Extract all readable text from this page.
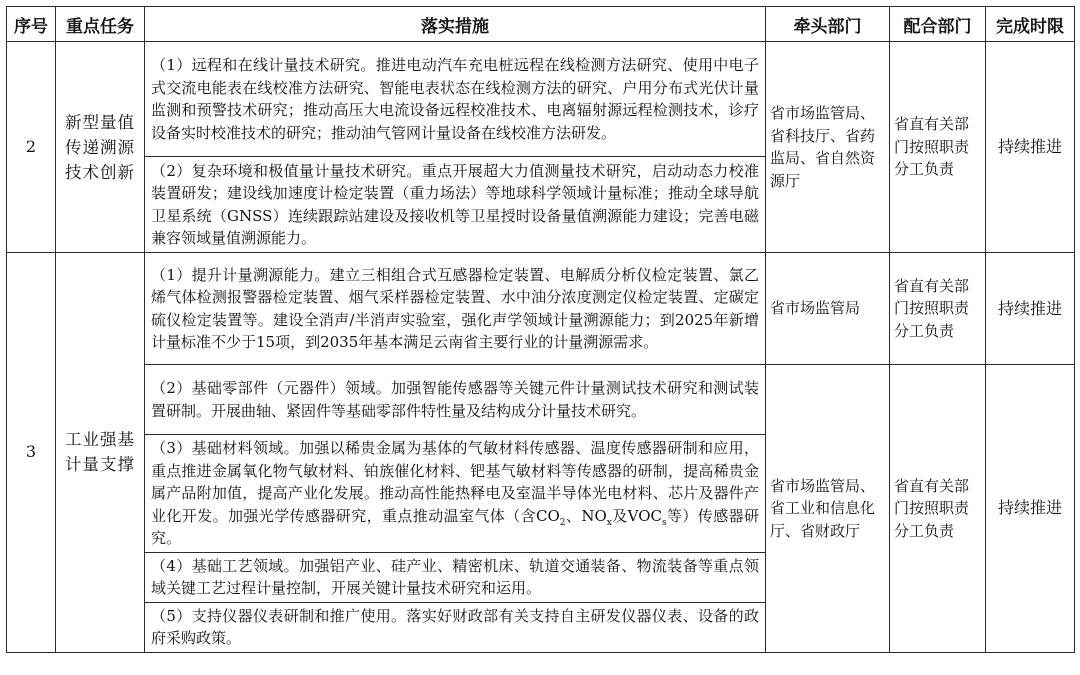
序号	重点任务	落实措施	牵头部门	配合部门	完成时限
2	新型量值传递溯源技术创新	（1）远程和在线计量技术研究。推进电动汽车充电桩远程在线检测方法研究、使用中电子式交流电能表在线校准方法研究、智能电表状态在线检测方法的研究、户用分布式光伏计量监测和预警技术研究；推动高压大电流设备远程校准技术、电离辐射源远程检测技术，诊疗设备实时校准技术的研究；推动油气管网计量设备在线校准方法研发。	省市场监管局、省科技厅、省药监局、省自然资源厅	省直有关部门按照职责分工负责	持续推进
		（2）复杂环境和极值量计量技术研究。重点开展超大力值测量技术研究，启动动态力校准装置研发；建设线加速度计检定装置（重力场法）等地球科学领域计量标准；推动全球导航卫星系统（GNSS）连续跟踪站建设及接收机等卫星授时设备量值溯源能力建设；完善电磁兼容领域量值溯源能力。			
3	工业强基计量支撑	（1）提升计量溯源能力。建立三相组合式互感器检定装置、电解质分析仪检定装置、氯乙烯气体检测报警器检定装置、烟气采样器检定装置、水中油分浓度测定仪检定装置、定碳定硫仪检定装置等。建设全消声/半消声实验室，强化声学领域计量溯源能力；到2025年新增计量标准不少于15项，到2035年基本满足云南省主要行业的计量溯源需求。	省市场监管局	省直有关部门按照职责分工负责	持续推进
		（2）基础零部件（元器件）领域。加强智能传感器等关键元件计量测试技术研究和测试装置研制。开展曲轴、紧固件等基础零部件特性量及结构成分计量技术研究。	省市场监管局、省工业和信息化厅、省财政厅	省直有关部门按照职责分工负责	持续推进
		（3）基础材料领域。加强以稀贵金属为基体的气敏材料传感器、温度传感器研制和应用，重点推进金属氧化物气敏材料、铂族催化材料、钯基气敏材料等传感器的研制，提高稀贵金属产品附加值，提高产业化发展。推动高性能热释电及室温半导体光电材料、芯片及器件产业化开发。加强光学传感器研究，重点推动温室气体（含$CO_2$、$NO_x$及$VOC_s$等）传感器研究。			
		（4）基础工艺领域。加强铝产业、硅产业、精密机床、轨道交通装备、物流装备等重点领域关键工艺过程计量控制，开展关键计量技术研究和运用。			
		（5）支持仪器仪表研制和推广使用。落实好财政部有关支持自主研发仪器仪表、设备的政府采购政策。			
